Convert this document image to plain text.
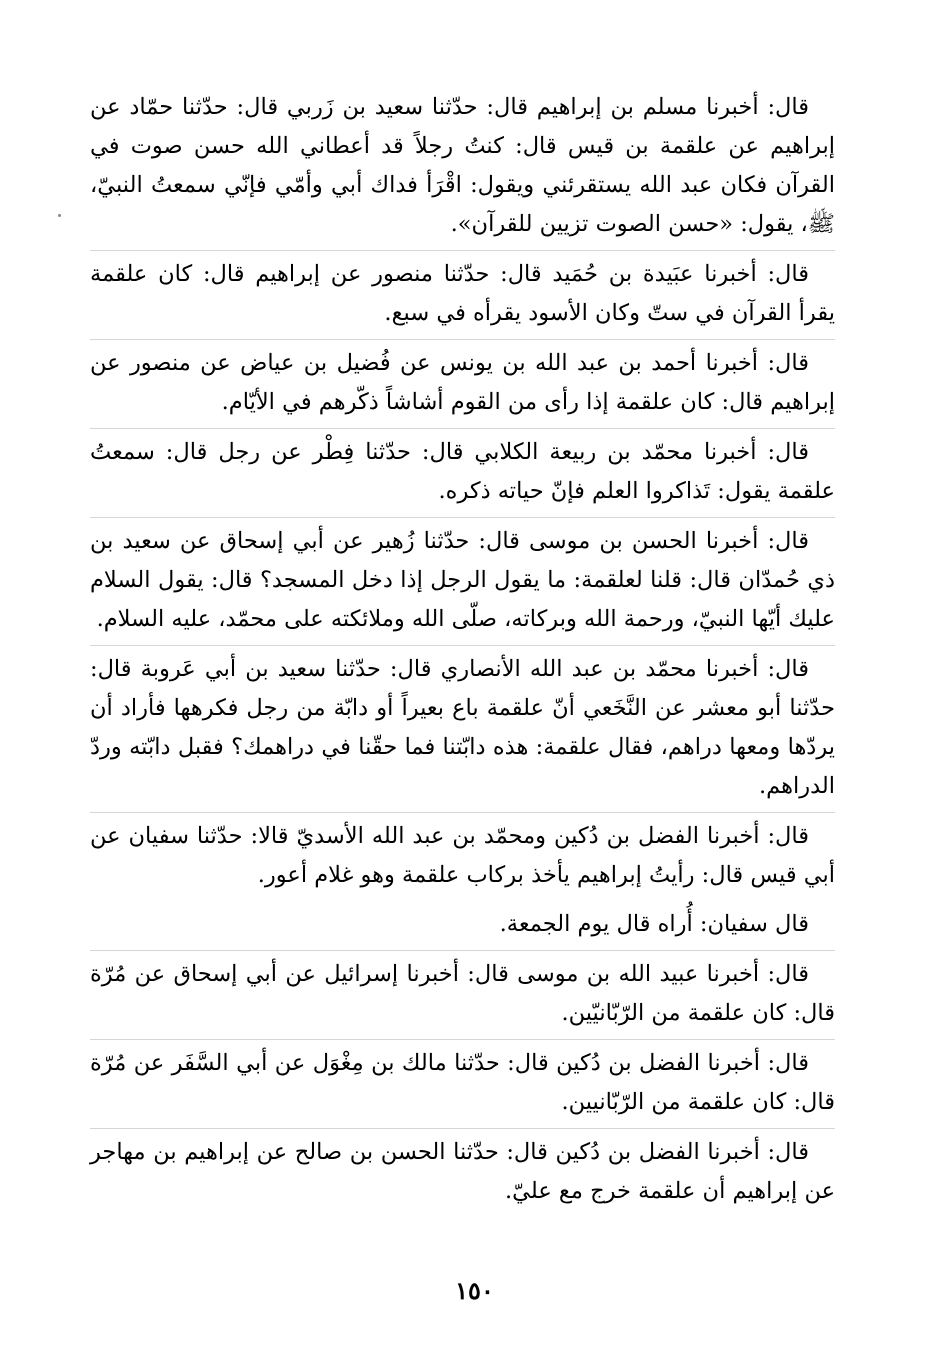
قال: أخبرنا مسلم بن إبراهيم قال: حدّثنا سعيد بن زَربي قال: حدّثنا حمّاد عن إبراهيم عن علقمة بن قيس قال: كنتُ رجلاً قد أعطاني الله حسن صوت في القرآن فكان عبد الله يستقرئني ويقول: اقْرَأ فداك أبي وأمّي فإنّي سمعتُ النبيّ، ﷺ، يقول: «حسن الصوت تزيين للقرآن».

قال: أخبرنا عبَيدة بن حُمَيد قال: حدّثنا منصور عن إبراهيم قال: كان علقمة يقرأ القرآن في ستّ وكان الأسود يقرأه في سبع.

قال: أخبرنا أحمد بن عبد الله بن يونس عن فُضيل بن عياض عن منصور عن إبراهيم قال: كان علقمة إذا رأى من القوم أشاشاً ذكّرهم في الأيّام.

قال: أخبرنا محمّد بن ربيعة الكلابي قال: حدّثنا فِطْر عن رجل قال: سمعتُ علقمة يقول: تَذاكروا العلم فإنّ حياته ذكره.

قال: أخبرنا الحسن بن موسى قال: حدّثنا زُهير عن أبي إسحاق عن سعيد بن ذي حُمدّان قال: قلنا لعلقمة: ما يقول الرجل إذا دخل المسجد؟ قال: يقول السلام عليك أيّها النبيّ، ورحمة الله وبركاته، صلّى الله وملائكته على محمّد، عليه السلام.

قال: أخبرنا محمّد بن عبد الله الأنصاري قال: حدّثنا سعيد بن أبي عَروبة قال: حدّثنا أبو معشر عن النَّخَعي أنّ علقمة باع بعيراً أو دابّة من رجل فكرهها فأراد أن يردّها ومعها دراهم، فقال علقمة: هذه دابّتنا فما حقّنا في دراهمك؟ فقبل دابّته وردّ الدراهم.

قال: أخبرنا الفضل بن دُكين ومحمّد بن عبد الله الأسديّ قالا: حدّثنا سفيان عن أبي قيس قال: رأيتُ إبراهيم يأخذ بركاب علقمة وهو غلام أعور.

قال سفيان: أُراه قال يوم الجمعة.

قال: أخبرنا عبيد الله بن موسى قال: أخبرنا إسرائيل عن أبي إسحاق عن مُرّة قال: كان علقمة من الرّبّانيّين.

قال: أخبرنا الفضل بن دُكين قال: حدّثنا مالك بن مِغْوَل عن أبي السَّفَر عن مُرّة قال: كان علقمة من الرّبّانيين.

قال: أخبرنا الفضل بن دُكين قال: حدّثنا الحسن بن صالح عن إبراهيم بن مهاجر عن إبراهيم أن علقمة خرج مع عليّ.

١٥٠
